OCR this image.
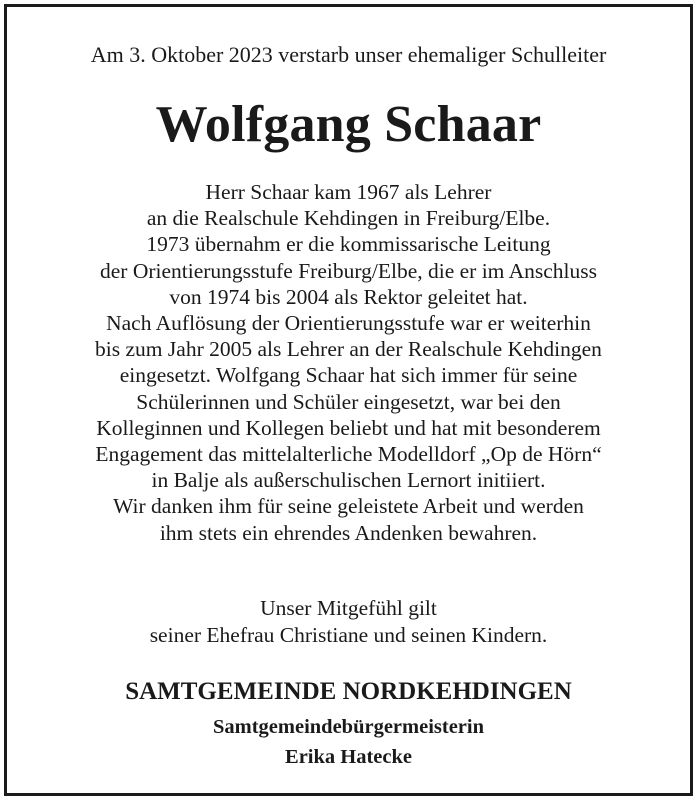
Am 3. Oktober 2023 verstarb unser ehemaliger Schulleiter
Wolfgang Schaar
Herr Schaar kam 1967 als Lehrer
an die Realschule Kehdingen in Freiburg/Elbe.
1973 übernahm er die kommissarische Leitung
der Orientierungsstufe Freiburg/Elbe, die er im Anschluss
von 1974 bis 2004 als Rektor geleitet hat.
Nach Auflösung der Orientierungsstufe war er weiterhin
bis zum Jahr 2005 als Lehrer an der Realschule Kehdingen
eingesetzt. Wolfgang Schaar hat sich immer für seine
Schülerinnen und Schüler eingesetzt, war bei den
Kolleginnen und Kollegen beliebt und hat mit besonderem
Engagement das mittelalterliche Modelldorf „Op de Hörn“
in Balje als außerschulischen Lernort initiiert.
Wir danken ihm für seine geleistete Arbeit und werden
ihm stets ein ehrendes Andenken bewahren.
Unser Mitgefühl gilt
seiner Ehefrau Christiane und seinen Kindern.
SAMTGEMEINDE NORDKEHDINGEN
Samtgemeindebürgermeisterin
Erika Hatecke
